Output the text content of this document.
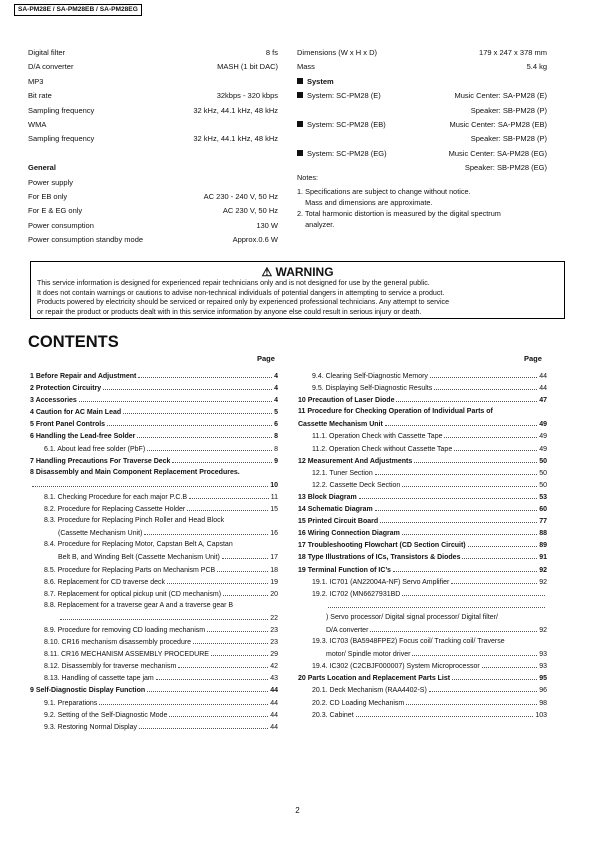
SA-PM28E / SA-PM28EB / SA-PM28EG
Digital filter	8 fs
D/A converter	MASH (1 bit DAC)
MP3
Bit rate	32kbps - 320 kbps
Sampling frequency	32 kHz, 44.1 kHz, 48 kHz
WMA
Sampling frequency	32 kHz, 44.1 kHz, 48 kHz
General
Power supply
For EB only	AC 230 - 240 V, 50 Hz
For E & EG only	AC 230 V, 50 Hz
Power consumption	130 W
Power consumption standby mode	Approx.0.6 W
Dimensions (W x H x D)	179 x 247 x 378 mm
Mass	5.4 kg
System
System: SC-PM28 (E)	Music Center: SA-PM28 (E)
Speaker: SB-PM28 (P)
System: SC-PM28 (EB)	Music Center: SA-PM28 (EB)
Speaker: SB-PM28 (P)
System: SC-PM28 (EG)	Music Center: SA-PM28 (EG)
Speaker: SB-PM28 (EG)
Notes:
1. Specifications are subject to change without notice.
Mass and dimensions are approximate.
2. Total harmonic distortion is measured by the digital spectrum
analyzer.
⚠ WARNING
This service information is designed for experienced repair technicians only and is not designed for use by the general public.
It does not contain warnings or cautions to advise non-technical individuals of potential dangers in attempting to service a product.
Products powered by electricity should be serviced or repaired only by experienced professional technicians. Any attempt to service
or repair the product or products dealt with in this service information by anyone else could result in serious injury or death.
CONTENTS
Page	Page
1 Before Repair and Adjustment	4
2 Protection Circuitry	4
3 Accessories	4
4 Caution for AC Main Lead	5
5 Front Panel Controls	6
6 Handling the Lead-free Solder	8
6.1. About lead free solder (PbF)	8
7 Handling Precautions For Traverse Deck	9
8 Disassembly and Main Component Replacement Procedures.
10
8.1. Checking Procedure for each major P.C.B	11
8.2. Procedure for Replacing Cassette Holder	15
8.3. Procedure for Replacing Pinch Roller and Head Block
(Cassette Mechanism Unit)	16
8.4. Procedure for Replacing Motor, Capstan Belt A, Capstan
Belt B, and Winding Belt (Cassette Mechanism Unit)	17
8.5. Procedure for Replacing Parts on Mechanism PCB	18
8.6. Replacement for CD traverse deck	19
8.7. Replacement for optical pickup unit (CD mechanism)	20
8.8. Replacement for a traverse gear A and a traverse gear B
22
8.9. Procedure for removing CD loading mechanism	23
8.10. CR16 mechanism disassembly procedure	23
8.11. CR16 MECHANISM ASSEMBLY PROCEDURE	29
8.12. Disassembly for traverse mechanism	42
8.13. Handling of cassette tape jam	43
9 Self-Diagnostic Display Function	44
9.1. Preparations	44
9.2. Setting of the Self-Diagnostic Mode	44
9.3. Restoring Normal Display	44
9.4. Clearing Self-Diagnostic Memory	44
9.5. Displaying Self-Diagnostic Results	44
10 Precaution of Laser Diode	47
11 Procedure for Checking Operation of Individual Parts of
Cassette Mechanism Unit	49
11.1. Operation Check with Cassette Tape	49
11.2. Operation Check without Cassette Tape	49
12 Measurement And Adjustments	50
12.1. Tuner Section	50
12.2. Cassette Deck Section	50
13 Block Diagram	53
14 Schematic Diagram	60
15 Printed Circuit Board	77
16 Wiring Connection Diagram	88
17 Troubleshooting Flowchart (CD Section Circuit)	89
18 Type Illustrations of ICs, Transistors & Diodes	91
19 Terminal Function of IC’s	92
19.1. IC701 (AN22004A-NF) Servo Amplifier	92
19.2. IC702 (MN6627931BD
) Servo processor/ Digital signal processor/ Digital filter/
D/A converter	92
19.3. IC703 (BA5948FPE2) Focus coil/ Tracking coil/ Traverse
motor/ Spindle motor driver	93
19.4. IC302 (C2CBJF000007) System Microprocessor	93
20 Parts Location and Replacement Parts List	95
20.1. Deck Mechanism (RAA4402-S)	96
20.2. CD Loading Mechanism	98
20.3. Cabinet	103
2
